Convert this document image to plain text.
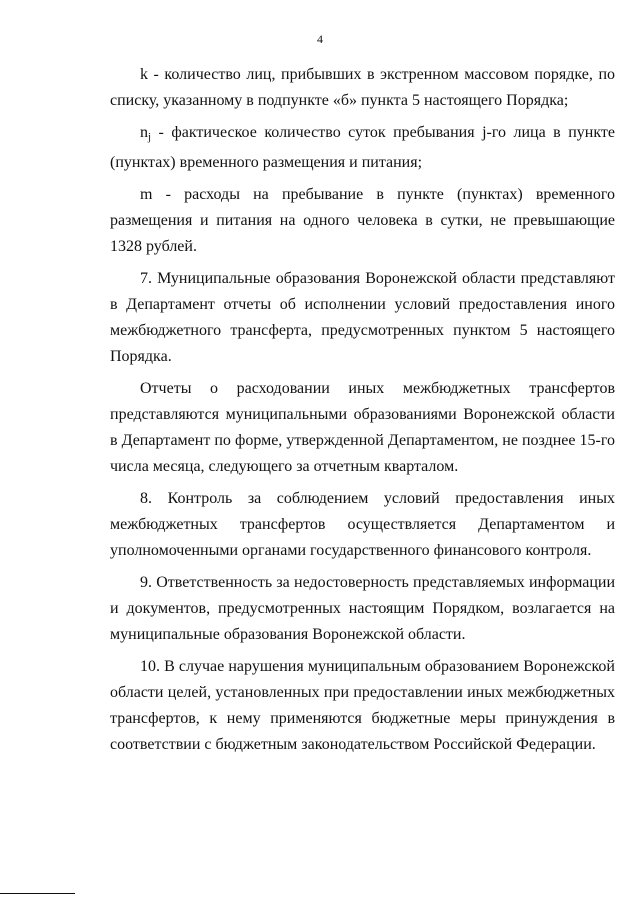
4

k - количество лиц, прибывших в экстренном массовом порядке, по списку, указанному в подпункте «б» пункта 5 настоящего Порядка;

$n_j$ - фактическое количество суток пребывания j-го лица в пункте (пунктах) временного размещения и питания;

m - расходы на пребывание в пункте (пунктах) временного размещения и питания на одного человека в сутки, не превышающие 1328 рублей.

7. Муниципальные образования Воронежской области представляют в Департамент отчеты об исполнении условий предоставления иного межбюджетного трансферта, предусмотренных пунктом 5 настоящего Порядка.

Отчеты о расходовании иных межбюджетных трансфертов представляются муниципальными образованиями Воронежской области в Департамент по форме, утвержденной Департаментом, не позднее 15-го числа месяца, следующего за отчетным кварталом.

8. Контроль за соблюдением условий предоставления иных межбюджетных трансфертов осуществляется Департаментом и уполномоченными органами государственного финансового контроля.

9. Ответственность за недостоверность представляемых информации и документов, предусмотренных настоящим Порядком, возлагается на муниципальные образования Воронежской области.

10. В случае нарушения муниципальным образованием Воронежской области целей, установленных при предоставлении иных межбюджетных трансфертов, к нему применяются бюджетные меры принуждения в соответствии с бюджетным законодательством Российской Федерации.
